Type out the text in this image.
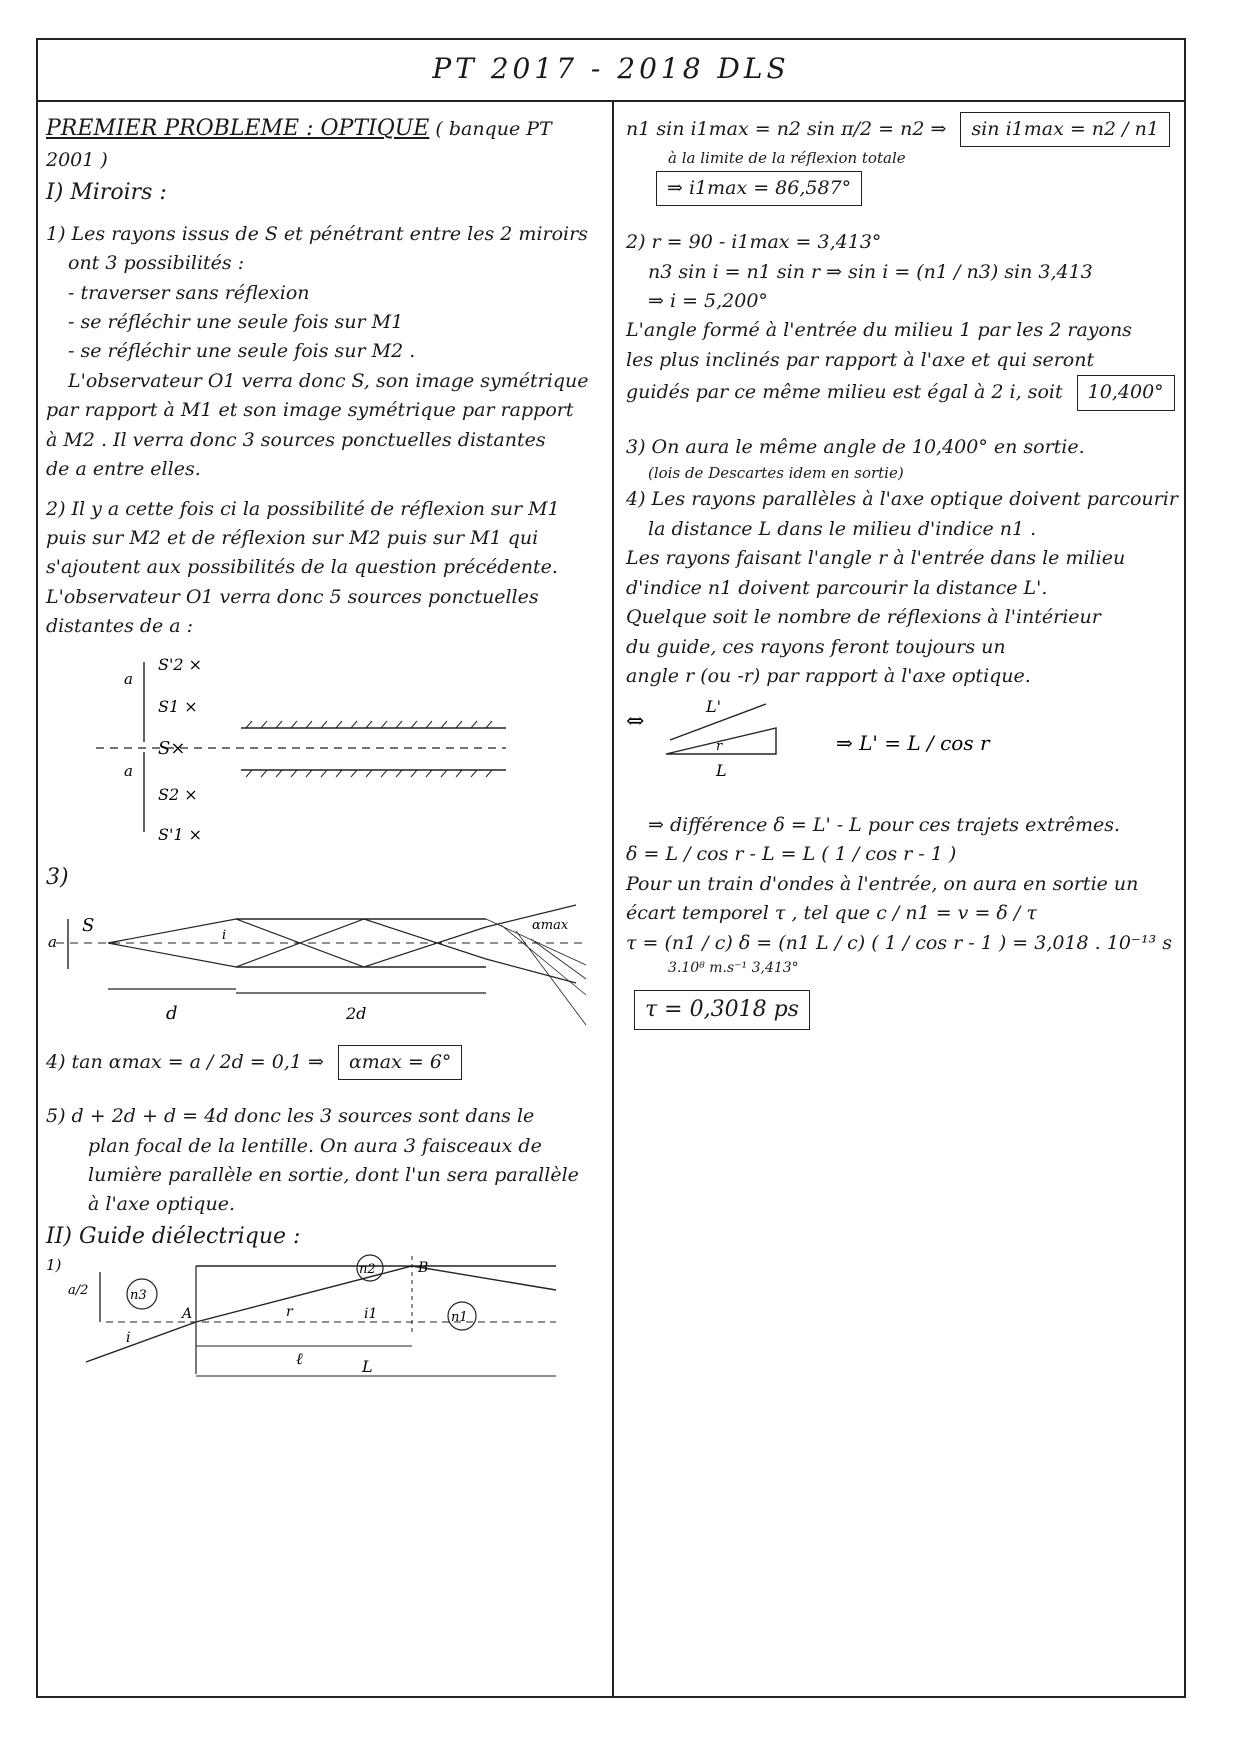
PT 2017 - 2018 DLS

PREMIER PROBLEME : OPTIQUE ( banque PT 2001 )

I) Miroirs :

1) Les rayons issus de S et pénétrant entre les 2 miroirs

ont 3 possibilités :

- traverser sans réflexion

- se réfléchir une seule fois sur M1

- se réfléchir une seule fois sur M2 .

L'observateur O1 verra donc S, son image symétrique

par rapport à M1 et son image symétrique par rapport

à M2 . Il verra donc 3 sources ponctuelles distantes

de a entre elles.

2) Il y a cette fois ci la possibilité de réflexion sur M1

puis sur M2 et de réflexion sur M2 puis sur M1 qui

s'ajoutent aux possibilités de la question précédente.

L'observateur O1 verra donc 5 sources ponctuelles

distantes de a :

a
a
S'2 ×
S1 ×
S×
S2 ×
S'1 ×

3)

a
S	i
αmax
d	2d

4) tan αmax = a / 2d = 0,1 ⇒ αmax = 6°

5) d + 2d + d = 4d donc les 3 sources sont dans le

plan focal de la lentille. On aura 3 faisceaux de

lumière parallèle en sortie, dont l'un sera parallèle

à l'axe optique.

II) Guide diélectrique :

1)
a/2	n3
n2
n1
A
B
r	i1
i
ℓ	L

n1 sin i1max = n2 sin π/2 = n2 ⇒ sin i1max = n2 / n1

à la limite de la réflexion totale

⇒ i1max = 86,587°

2) r = 90 - i1max = 3,413°

n3 sin i = n1 sin r ⇒ sin i = (n1 / n3) sin 3,413

⇒ i = 5,200°

L'angle formé à l'entrée du milieu 1 par les 2 rayons

les plus inclinés par rapport à l'axe et qui seront

guidés par ce même milieu est égal à 2 i, soit 10,400°

3) On aura le même angle de 10,400° en sortie.

(lois de Descartes idem en sortie)

4) Les rayons parallèles à l'axe optique doivent parcourir

la distance L dans le milieu d'indice n1 .

Les rayons faisant l'angle r à l'entrée dans le milieu

d'indice n1 doivent parcourir la distance L'.

Quelque soit le nombre de réflexions à l'intérieur

du guide, ces rayons feront toujours un

angle r (ou -r) par rapport à l'axe optique.

⇔
L'
r
L
⇒ L' = L / cos r

⇒ différence δ = L' - L pour ces trajets extrêmes.

δ = L / cos r - L = L ( 1 / cos r - 1 )

Pour un train d'ondes à l'entrée, on aura en sortie un

écart temporel τ , tel que c / n1 = v = δ / τ

τ = (n1 / c) δ = (n1 L / c) ( 1 / cos r - 1 ) = 3,018 . 10⁻¹³ s

3.10⁸ m.s⁻¹ 3,413°

τ = 0,3018 ps
